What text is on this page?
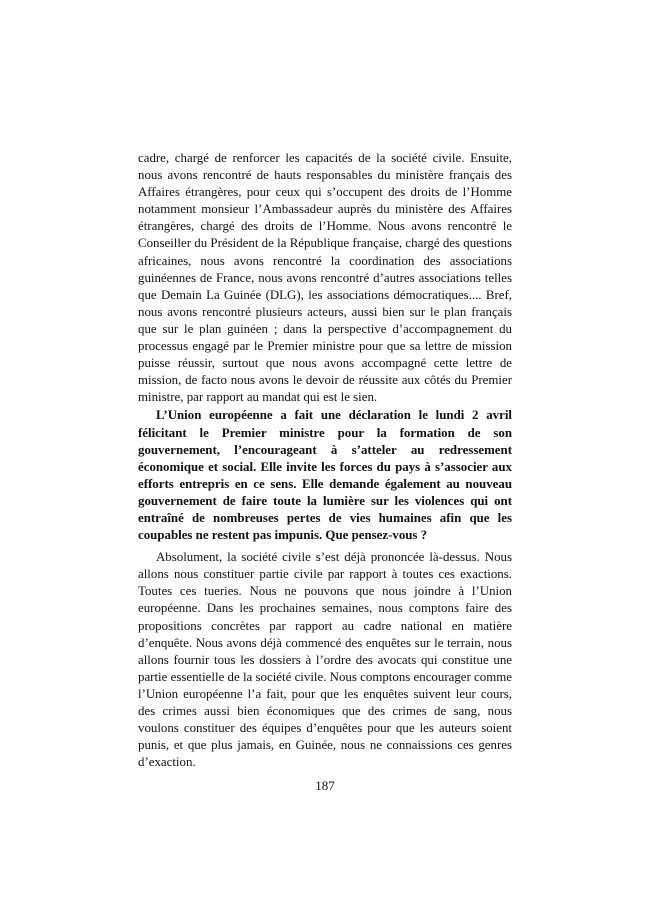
cadre, chargé de renforcer les capacités de la société civile. Ensuite, nous avons rencontré de hauts responsables du ministère français des Affaires étrangères, pour ceux qui s’occupent des droits de l’Homme notamment monsieur l’Ambassadeur auprès du ministère des Affaires étrangères, chargé des droits de l’Homme. Nous avons rencontré le Conseiller du Président de la République française, chargé des questions africaines, nous avons rencontré la coordination des associations guinéennes de France, nous avons rencontré d’autres associations telles que Demain La Guinée (DLG), les associations démocratiques.... Bref, nous avons rencontré plusieurs acteurs, aussi bien sur le plan français que sur le plan guinéen ; dans la perspective d’accompagnement du processus engagé par le Premier ministre pour que sa lettre de mission puisse réussir, surtout que nous avons accompagné cette lettre de mission, de facto nous avons le devoir de réussite aux côtés du Premier ministre, par rapport au mandat qui est le sien.

L’Union européenne a fait une déclaration le lundi 2 avril félicitant le Premier ministre pour la formation de son gouvernement, l’encourageant à s’atteler au redressement économique et social. Elle invite les forces du pays à s’associer aux efforts entrepris en ce sens. Elle demande également au nouveau gouvernement de faire toute la lumière sur les violences qui ont entraîné de nombreuses pertes de vies humaines afin que les coupables ne restent pas impunis. Que pensez-vous ?

Absolument, la société civile s’est déjà prononcée là-dessus. Nous allons nous constituer partie civile par rapport à toutes ces exactions. Toutes ces tueries. Nous ne pouvons que nous joindre à l’Union européenne. Dans les prochaines semaines, nous comptons faire des propositions concrètes par rapport au cadre national en matière d’enquête. Nous avons déjà commencé des enquêtes sur le terrain, nous allons fournir tous les dossiers à l’ordre des avocats qui constitue une partie essentielle de la société civile. Nous comptons encourager comme l’Union européenne l’a fait, pour que les enquêtes suivent leur cours, des crimes aussi bien économiques que des crimes de sang, nous voulons constituer des équipes d’enquêtes pour que les auteurs soient punis, et que plus jamais, en Guinée, nous ne connaissions ces genres d’exaction.

187
